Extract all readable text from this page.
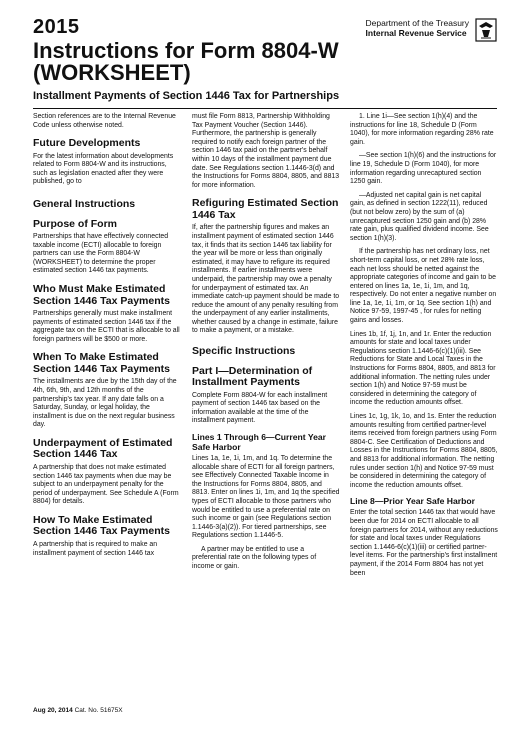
2015
Instructions for Form 8804-W
(WORKSHEET)
Installment Payments of Section 1446 Tax for Partnerships
Department of the Treasury
Internal Revenue Service

Section references are to the Internal Revenue Code unless otherwise noted.

Future Developments

For the latest information about developments related to Form 8804-W and its instructions, such as legislation enacted after they were published, go to

General Instructions
Purpose of Form

Partnerships that have effectively connected taxable income (ECTI) allocable to foreign partners can use the Form 8804-W (WORKSHEET) to determine the proper estimated section 1446 tax payments.

Who Must Make Estimated Section 1446 Tax Payments

Partnerships generally must make installment payments of estimated section 1446 tax if the aggregate tax on the ECTI that is allocable to all foreign partners will be $500 or more.

When To Make Estimated Section 1446 Tax Payments

The installments are due by the 15th day of the 4th, 6th, 9th, and 12th months of the partnership's tax year. If any date falls on a Saturday, Sunday, or legal holiday, the installment is due on the next regular business day.

Underpayment of Estimated Section 1446 Tax

A partnership that does not make estimated section 1446 tax payments when due may be subject to an underpayment penalty for the period of underpayment. See Schedule A (Form 8804) for details.

How To Make Estimated Section 1446 Tax Payments

A partnership that is required to make an installment payment of section 1446 tax

must file Form 8813, Partnership Withholding Tax Payment Voucher (Section 1446). Furthermore, the partnership is generally required to notify each foreign partner of the section 1446 tax paid on the partner's behalf within 10 days of the installment payment due date. See Regulations section 1.1446-3(d) and the Instructions for Forms 8804, 8805, and 8813 for more information.

Refiguring Estimated Section 1446 Tax

If, after the partnership figures and makes an installment payment of estimated section 1446 tax, it finds that its section 1446 tax liability for the year will be more or less than originally estimated, it may have to refigure its required installments. If earlier installments were underpaid, the partnership may owe a penalty for underpayment of estimated tax. An immediate catch-up payment should be made to reduce the amount of any penalty resulting from the underpayment of any earlier installments, whether caused by a change in estimate, failure to make a payment, or a mistake.

Specific Instructions
Part I—Determination of Installment Payments

Complete Form 8804-W for each installment payment of section 1446 tax based on the information available at the time of the installment payment.

Lines 1 Through 6—Current Year Safe Harbor

Lines 1a, 1e, 1i, 1m, and 1q. To determine the allocable share of ECTI for all foreign partners, see Effectively Connected Taxable Income in the Instructions for Forms 8804, 8805, and 8813. Enter on lines 1i, 1m, and 1q the specified types of ECTI allocable to those partners who would be entitled to use a preferential rate on such income or gain (see Regulations section 1.1446-3(a)(2)). For tiered partnerships, see Regulations section 1.1446-5.

A partner may be entitled to use a preferential rate on the following types of income or gain.

1. Line 1i—See section 1(h)(4) and the instructions for line 18, Schedule D (Form 1040), for more information regarding 28% rate gain.

—See section 1(h)(6) and the instructions for line 19, Schedule D (Form 1040), for more information regarding unrecaptured section 1250 gain.

—Adjusted net capital gain is net capital gain, as defined in section 1222(11), reduced (but not below zero) by the sum of (a) unrecaptured section 1250 gain and (b) 28% rate gain, plus qualified dividend income. See section 1(h)(3).

If the partnership has net ordinary loss, net short-term capital loss, or net 28% rate loss, each net loss should be netted against the appropriate categories of income and gain to be entered on lines 1a, 1e, 1i, 1m, and 1q, respectively. Do not enter a negative number on line 1a, 1e, 1i, 1m, or 1q. See section 1(h) and Notice 97-59, 1997-45 , for rules for netting gains and losses.

Lines 1b, 1f, 1j, 1n, and 1r. Enter the reduction amounts for state and local taxes under Regulations section 1.1446-6(c)(1)(iii). See Reductions for State and Local Taxes in the Instructions for Forms 8804, 8805, and 8813 for additional information. The netting rules under section 1(h) and Notice 97-59 must be considered in determining the category of income the reduction amounts offset.

Lines 1c, 1g, 1k, 1o, and 1s. Enter the reduction amounts resulting from certified partner-level items received from foreign partners using Form 8804-C. See Certification of Deductions and Losses in the Instructions for Forms 8804, 8805, and 8813 for additional information. The netting rules under section 1(h) and Notice 97-59 must be considered in determining the category of income the reduction amounts offset.

Line 8—Prior Year Safe Harbor

Enter the total section 1446 tax that would have been due for 2014 on ECTI allocable to all foreign partners for 2014, without any reductions for state and local taxes under Regulations section 1.1446-6(c)(1)(iii) or certified partner-level items. For the partnership's first installment payment, if the 2014 Form 8804 has not yet been

Aug 20, 2014 Cat. No. 51675X
